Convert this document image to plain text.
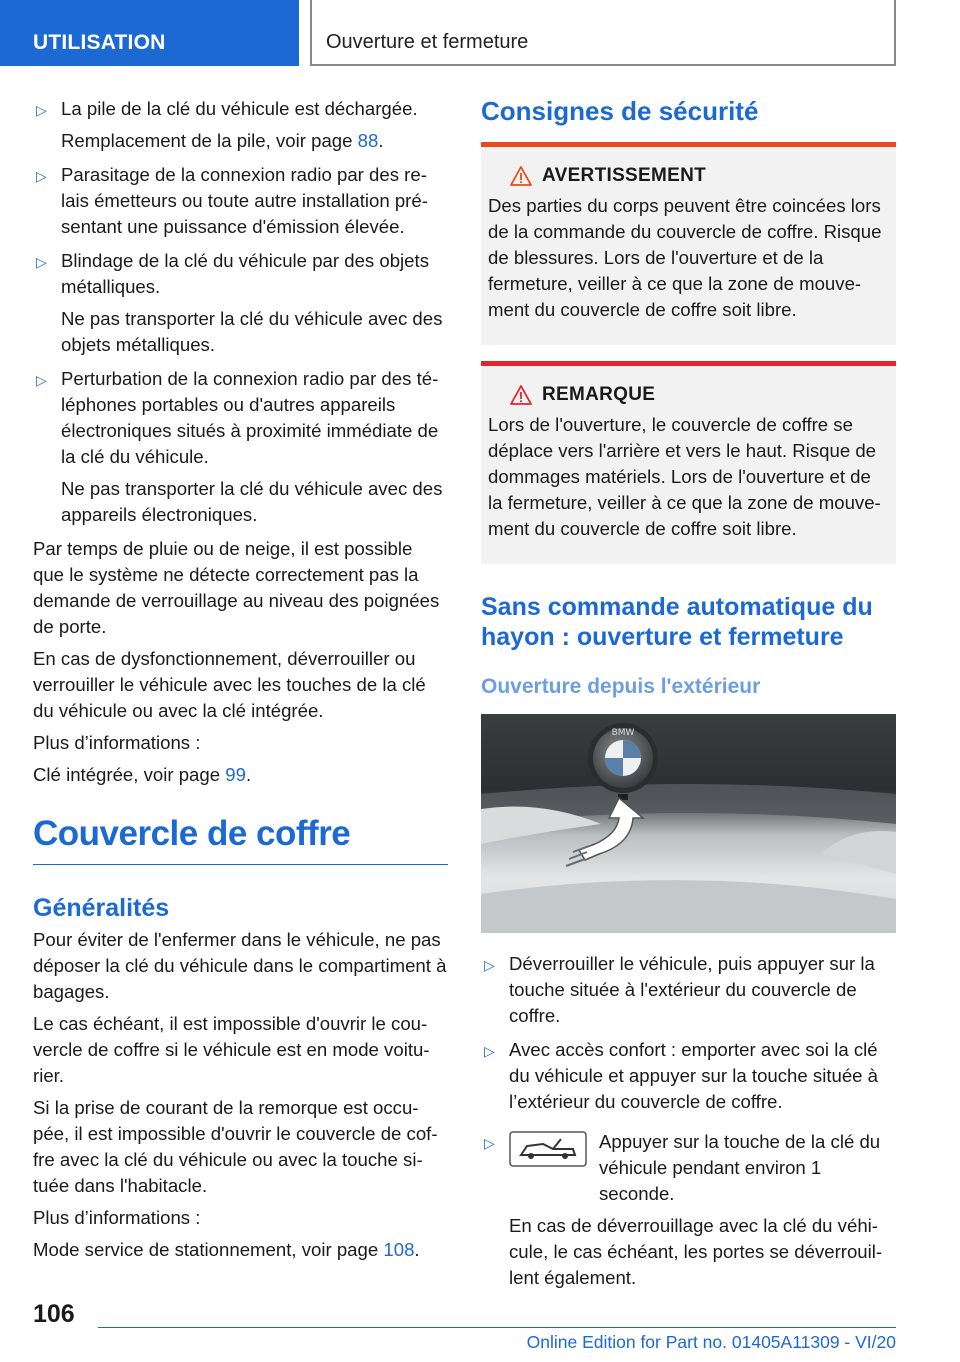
UTILISATION	Ouverture et fermeture
▷ La pile de la clé du véhicule est déchargée.

Remplacement de la pile, voir page 88.

▷ Parasitage de la connexion radio par des re-lais émetteurs ou toute autre installation pré-sentant une puissance d'émission élevée.

▷ Blindage de la clé du véhicule par des objets métalliques.

Ne pas transporter la clé du véhicule avec des objets métalliques.

▷ Perturbation de la connexion radio par des té-léphones portables ou d'autres appareils électroniques situés à proximité immédiate de la clé du véhicule.

Ne pas transporter la clé du véhicule avec des appareils électroniques.

Par temps de pluie ou de neige, il est possible que le système ne détecte correctement pas la demande de verrouillage au niveau des poignées de porte.

En cas de dysfonctionnement, déverrouiller ou verrouiller le véhicule avec les touches de la clé du véhicule ou avec la clé intégrée.

Plus d’informations :

Clé intégrée, voir page 99.

Couvercle de coffre
Généralités

Pour éviter de l'enfermer dans le véhicule, ne pas déposer la clé du véhicule dans le compartiment à bagages.

Le cas échéant, il est impossible d'ouvrir le cou-vercle de coffre si le véhicule est en mode voitu-rier.

Si la prise de courant de la remorque est occu-pée, il est impossible d'ouvrir le couvercle de cof-fre avec la clé du véhicule ou avec la touche si-tuée dans l'habitacle.

Plus d’informations :

Mode service de stationnement, voir page 108.

Consignes de sécurité
AVERTISSEMENT
Des parties du corps peuvent être coincées lors de la commande du couvercle de coffre. Risque de blessures. Lors de l'ouverture et de la fermeture, veiller à ce que la zone de mouve-ment du couvercle de coffre soit libre.
REMARQUE
Lors de l'ouverture, le couvercle de coffre se déplace vers l'arrière et vers le haut. Risque de dommages matériels. Lors de l'ouverture et de la fermeture, veiller à ce que la zone de mouve-ment du couvercle de coffre soit libre.
Sans commande automatique du hayon : ouverture et fermeture
Ouverture depuis l'extérieur
BMW
▷ Déverrouiller le véhicule, puis appuyer sur la touche située à l'extérieur du couvercle de coffre.

▷ Avec accès confort : emporter avec soi la clé du véhicule et appuyer sur la touche située à l’extérieur du couvercle de coffre.

▷	Appuyer sur la touche de la clé du véhicule pendant environ 1 seconde.

En cas de déverrouillage avec la clé du véhi-cule, le cas échéant, les portes se déverrouil-lent également.

106
Online Edition for Part no. 01405A11309 - VI/20
